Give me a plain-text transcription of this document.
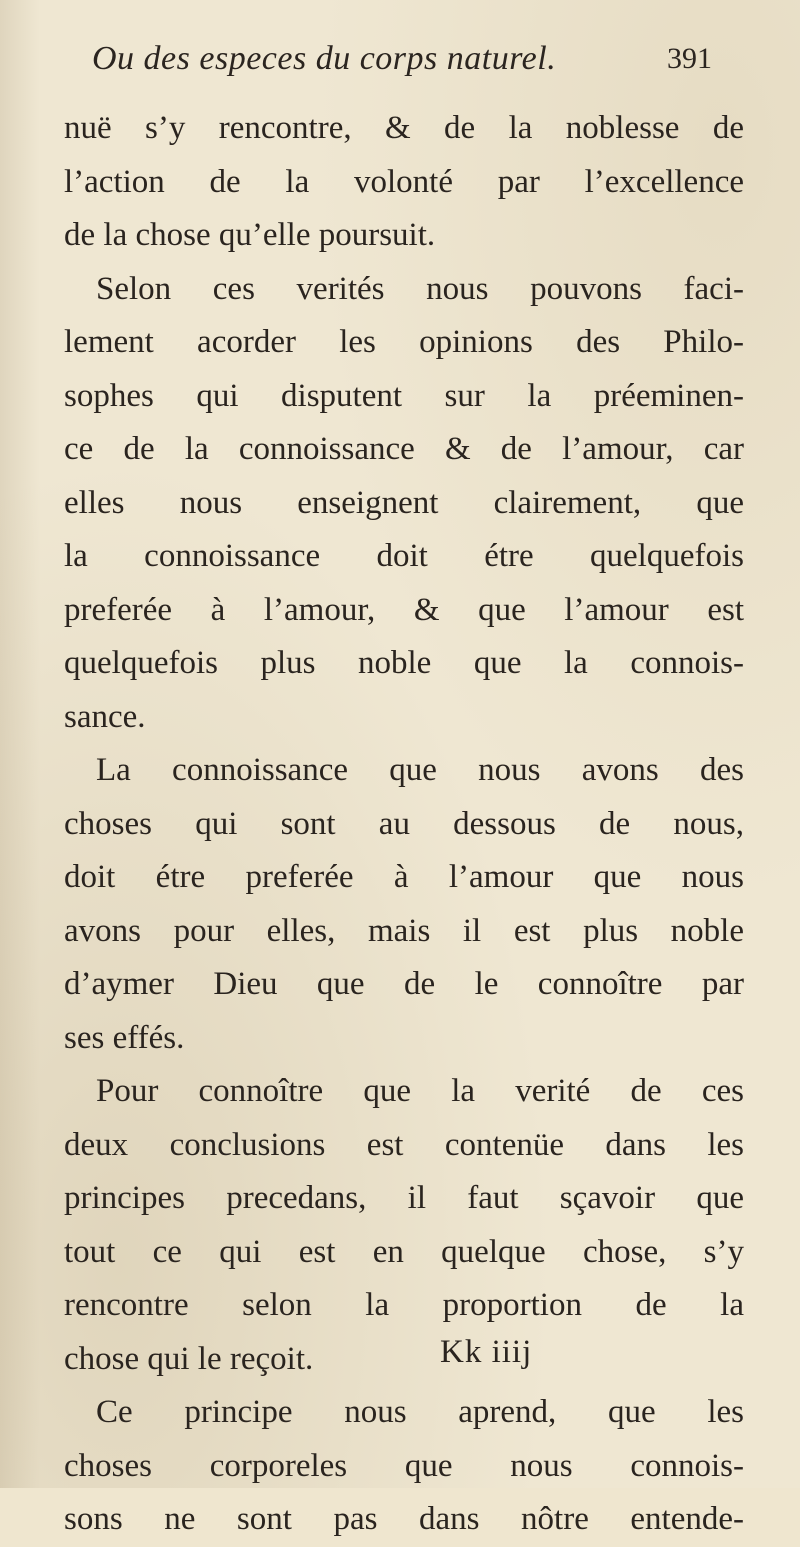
Ou des especes du corps naturel.	391
nuë s’y rencontre, & de la noblesse de
l’action de la volonté par l’excellence
de la chose qu’elle poursuit.
Selon ces verités nous pouvons faci-
lement acorder les opinions des Philo-
sophes qui disputent sur la préeminen-
ce de la connoissance & de l’amour, car
elles nous enseignent clairement, que
la connoissance doit étre quelquefois
preferée à l’amour, & que l’amour est
quelquefois plus noble que la connois-
sance.
La connoissance que nous avons des
choses qui sont au dessous de nous,
doit étre preferée à l’amour que nous
avons pour elles, mais il est plus noble
d’aymer Dieu que de le connoître par
ses effés.
Pour connoître que la verité de ces
deux conclusions est contenüe dans les
principes precedans, il faut sçavoir que
tout ce qui est en quelque chose, s’y
rencontre selon la proportion de la
chose qui le reçoit.
Ce principe nous aprend, que les
choses corporeles que nous connois-
sons ne sont pas dans nôtre entende-
Kk iiij
